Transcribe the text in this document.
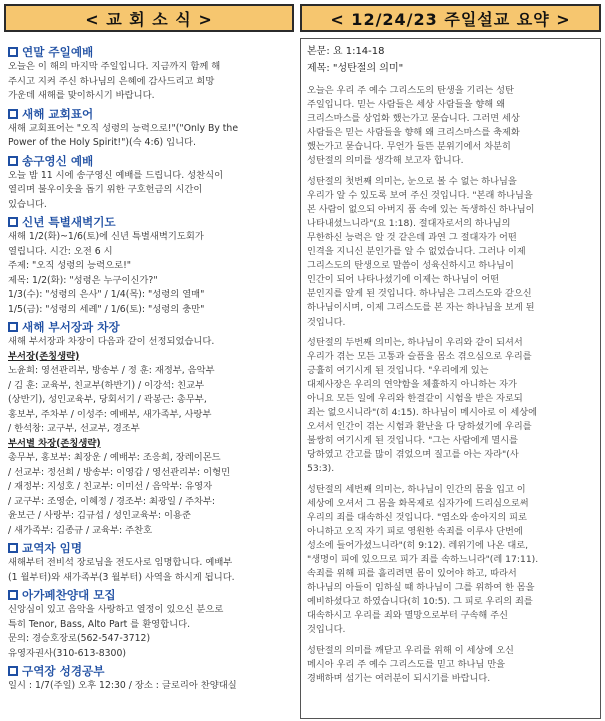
< 교 회 소 식 >	< 12/24/23 주일설교 요약 >
연말 주일예배
오늘은 이 해의 마지막 주일입니다. 지금까지 함께 해
주시고 지켜 주신 하나님의 은혜에 감사드리고 희망
가운데 새해를 맞이하시기 바랍니다.
새해 교회표어
새해 교회표어는 "오직 성령의 능력으로!"("Only By the
Power of the Holy Spirit!")(슥 4:6) 입니다.
송구영신 예배
오늘 밤 11 시에 송구영신 예배를 드립니다. 성찬식이
열리며 불우이웃을 돕기 위한 구호헌금의 시간이
있습니다.
신년 특별새벽기도
새해 1/2(화)~1/6(토)에 신년 특별새벽기도회가
열립니다. 시간: 오전 6 시
주제: "오직 성령의 능력으로!"
제목: 1/2(화): "성령은 누구이신가?"
1/3(수): "성령의 은사" / 1/4(목): "성령의 열매"
1/5(금): "성령의 세례" / 1/6(토): "성령의 충만"
새해 부서장과 차장
새해 부서장과 차장이 다음과 같이 선정되었습니다.
부서장(존칭생략)
노윤희: 영션관리부, 방송부 / 정 훈: 재정부, 음악부
/ 김 훈: 교육부, 친교부(하반기) / 이강석: 친교부
(상반기), 성인교육부, 당회서기 / 곽봉근: 총무부,
홍보부, 주차부 / 이성주: 예배부, 새가족부, 사랑부
/ 한석창: 교구부, 선교부, 경조부
부서별 차장(존칭생략)
총무부, 홍보부: 최장운 / 예배부: 조응희, 장레이몬드
/ 선교부: 정선희 / 방송부: 이영갑 / 영선관리부: 이형민
/ 재정부: 지성호 / 친교부: 이미선 / 음악부: 유영자
/ 교구부: 조영순, 이혜정 / 경조부: 최광일 / 주차부:
윤보근 / 사랑부: 김규섭 / 성인교육부: 이용준
/ 새가족부: 김종규 / 교육부: 주찬호
교역자 임명
새해부터 전비석 장로님을 전도사로 임명합니다. 예배부
(1 월부터)와 새가족부(3 월부터) 사역을 하시게 됩니다.
아가페찬양대 모집
신앙심이 있고 음악을 사랑하고 열정이 있으신 분으로
특히 Tenor, Bass, Alto Part 를 환영합니다.
문의: 경승호장로(562-547-3712)
유영자권사(310-613-8300)
구역장 성경공부
일시 : 1/7(주일) 오후 12:30 / 장소 : 글로리아 찬양대실
본문: 요 1:14-18
제목: "성탄절의 의미"
오늘은 우리 주 예수 그리스도의 탄생을 기리는 성탄
주일입니다. 믿는 사람들은 세상 사람들을 향해 왜
크리스마스를 상업화 했는가고 묻습니다. 그러면 세상
사람들은 믿는 사람들을 향해 왜 크리스마스를 축제화
했는가고 묻습니다. 무언가 들뜬 분위기에서 차분히
성탄절의 의미를 생각해 보고자 합니다.
성탄절의 첫번째 의미는, 눈으로 볼 수 없는 하나님을
우리가 알 수 있도록 보여 주신 것입니다. "본래 하나님을
본 사람이 없으되 아버지 품 속에 있는 독생하신 하나님이
나타내셨느니라"(요 1:18). 절대자로서의 하나님의
무한하신 능력은 알 것 같은데 과연 그 절대자가 어떤
인격을 지니신 분인가를 알 수 없었습니다. 그러나 이제
그리스도의 탄생으로 말씀이 성육신하시고 하나님이
인간이 되어 나타나셨기에 이제는 하나님이 어떤
분인지를 알게 된 것입니다. 하나님은 그리스도와 같으신
하나님이시며, 이제 그리스도를 본 자는 하나님을 보게 된
것입니다.
성탄절의 두번째 의미는, 하나님이 우리와 같이 되셔서
우리가 겪는 모든 고통과 슬픔을 몸소 겪으심으로 우리를
긍휼히 여기시게 된 것입니다. "우리에게 있는
대제사장은 우리의 연약함을 체휼하지 아니하는 자가
아니요 모든 일에 우리와 한결같이 시험을 받은 자로되
죄는 없으시니라"(히 4:15). 하나님이 메시아로 이 세상에
오셔서 인간이 겪는 시험과 환난을 다 당하셨기에 우리를
불쌍히 여기시게 된 것입니다. "그는 사람에게 멸시를
당하였고 간고를 많이 겪었으며 질고를 아는 자라"(사
53:3).
성탄절의 세번째 의미는, 하나님이 인간의 몸을 입고 이
세상에 오셔서 그 몸을 화목제로 십자가에 드리심으로써
우리의 죄를 대속하신 것입니다. "염소와 송아지의 피로
아니하고 오직 자기 피로 영원한 속죄를 이루사 단번에
성소에 들어가셨느니라"(히 9:12). 레위기에 나온 대로,
"생명이 피에 있으므로 피가 죄를 속하느니라"(레 17:11).
속죄를 위해 피를 흘리려면 몸이 있어야 하고, 따라서
하나님의 아들이 임하실 때 하나님이 그를 위하여 한 몸을
예비하셨다고 하였습니다(히 10:5). 그 피로 우리의 죄를
대속하시고 우리를 죄와 멸망으로부터 구속해 주신
것입니다.
성탄절의 의미를 깨닫고 우리를 위해 이 세상에 오신
메시아 우리 주 예수 그리스도를 믿고 하나님 만을
경배하며 섬기는 여러분이 되시기를 바랍니다.
